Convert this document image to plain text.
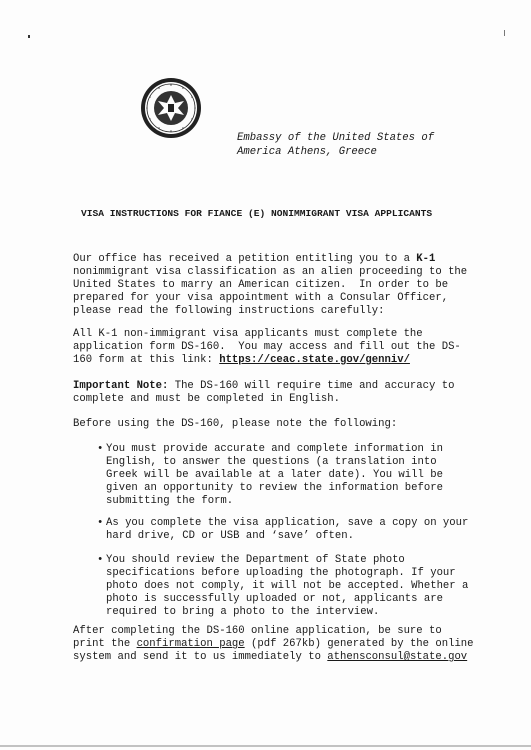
Embassy of the United States of
America Athens, Greece
VISA INSTRUCTIONS FOR FIANCE (E) NONIMMIGRANT VISA APPLICANTS
Our office has received a petition entitling you to a K-1
nonimmigrant visa classification as an alien proceeding to the
United States to marry an American citizen.  In order to be
prepared for your visa appointment with a Consular Officer,
please read the following instructions carefully:
All K-1 non-immigrant visa applicants must complete the
application form DS-160.  You may access and fill out the DS-
160 form at this link: https://ceac.state.gov/genniv/
Important Note: The DS-160 will require time and accuracy to
complete and must be completed in English.
Before using the DS-160, please note the following:
• You must provide accurate and complete information in
English, to answer the questions (a translation into
Greek will be available at a later date). You will be
given an opportunity to review the information before
submitting the form.
• As you complete the visa application, save a copy on your
hard drive, CD or USB and ‘save’ often.
• You should review the Department of State photo
specifications before uploading the photograph. If your
photo does not comply, it will not be accepted. Whether a
photo is successfully uploaded or not, applicants are
required to bring a photo to the interview.
After completing the DS-160 online application, be sure to
print the confirmation page (pdf 267kb) generated by the online
system and send it to us immediately to athensconsul@state.gov
